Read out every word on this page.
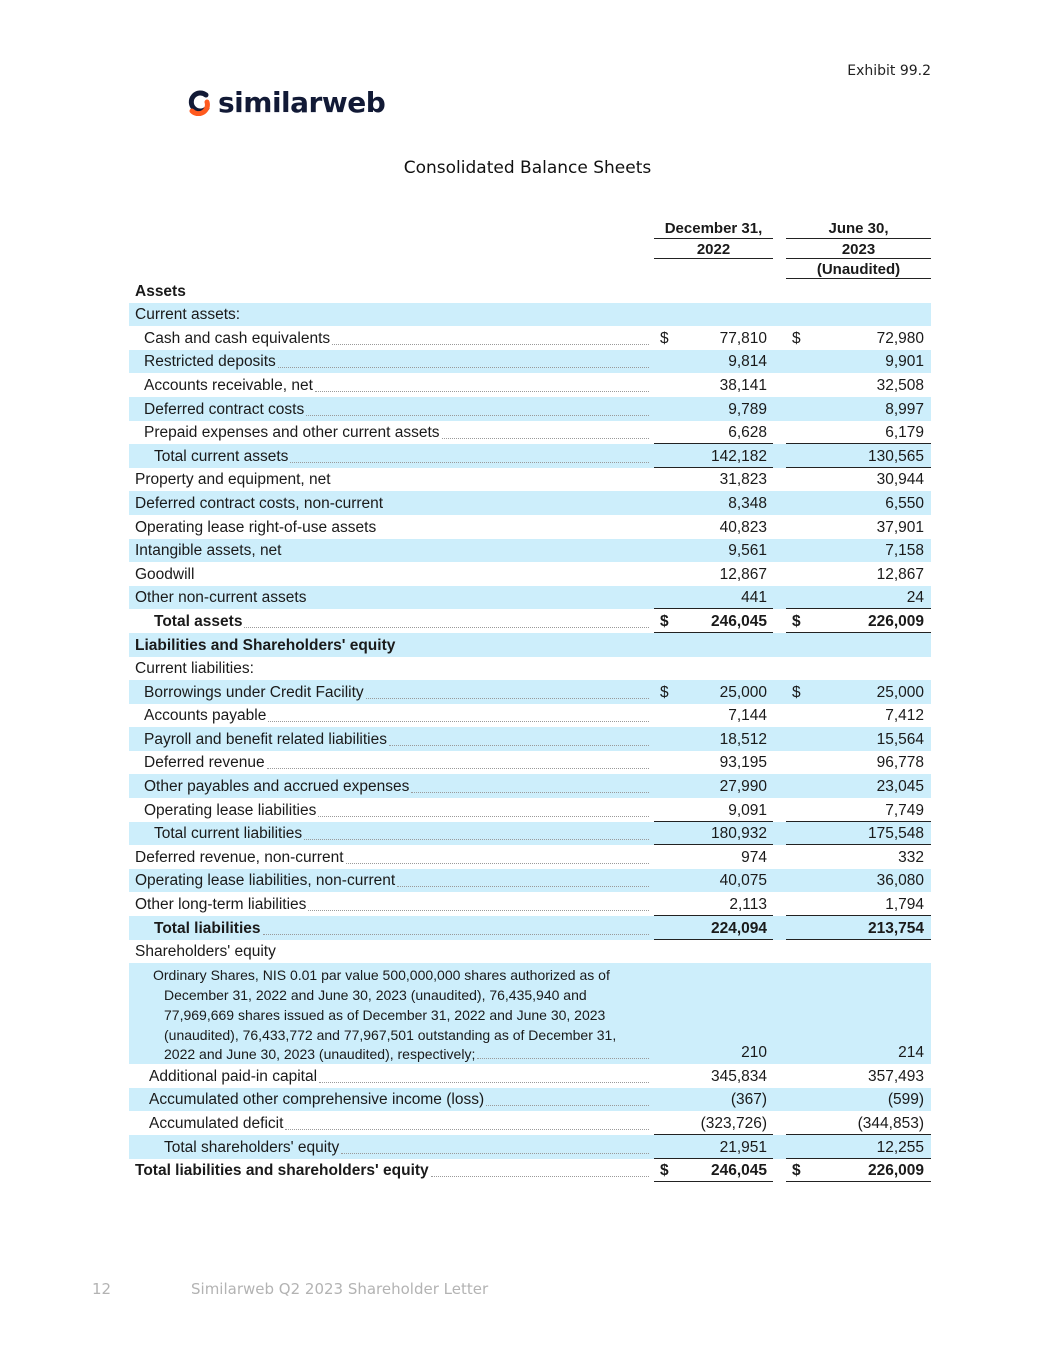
Exhibit 99.2
similarweb
Consolidated Balance Sheets
December 31,	June 30,
2022	2023
(Unaudited)
Assets
Current assets:
Cash and cash equivalents	$	77,810 $	72,980
Restricted deposits	9,814	9,901
Accounts receivable, net	38,141	32,508
Deferred contract costs	9,789	8,997
Prepaid expenses and other current assets	6,628	6,179
Total current assets	142,182	130,565
Property and equipment, net	31,823	30,944
Deferred contract costs, non-current	8,348	6,550
Operating lease right-of-use assets	40,823	37,901
Intangible assets, net	9,561	7,158
Goodwill	12,867	12,867
Other non-current assets	441	24
Total assets	$	246,045 $	226,009
Liabilities and Shareholders' equity
Current liabilities:
Borrowings under Credit Facility	$	25,000 $	25,000
Accounts payable	7,144	7,412
Payroll and benefit related liabilities	18,512	15,564
Deferred revenue	93,195	96,778
Other payables and accrued expenses	27,990	23,045
Operating lease liabilities	9,091	7,749
Total current liabilities	180,932	175,548
Deferred revenue, non-current	974	332
Operating lease liabilities, non-current	40,075	36,080
Other long-term liabilities	2,113	1,794
Total liabilities	224,094	213,754
Shareholders' equity
Ordinary Shares, NIS 0.01 par value 500,000,000 shares authorized as of
December 31, 2022 and June 30, 2023 (unaudited), 76,435,940 and
77,969,669 shares issued as of December 31, 2022 and June 30, 2023
(unaudited), 76,433,772 and 77,967,501 outstanding as of December 31,
2022 and June 30, 2023 (unaudited), respectively;	210	214
Additional paid-in capital	345,834	357,493
Accumulated other comprehensive income (loss)	(367)	(599)
Accumulated deficit	(323,726)	(344,853)
Total shareholders' equity	21,951	12,255
Total liabilities and shareholders' equity	$	246,045 $	226,009
12	Similarweb Q2 2023 Shareholder Letter
